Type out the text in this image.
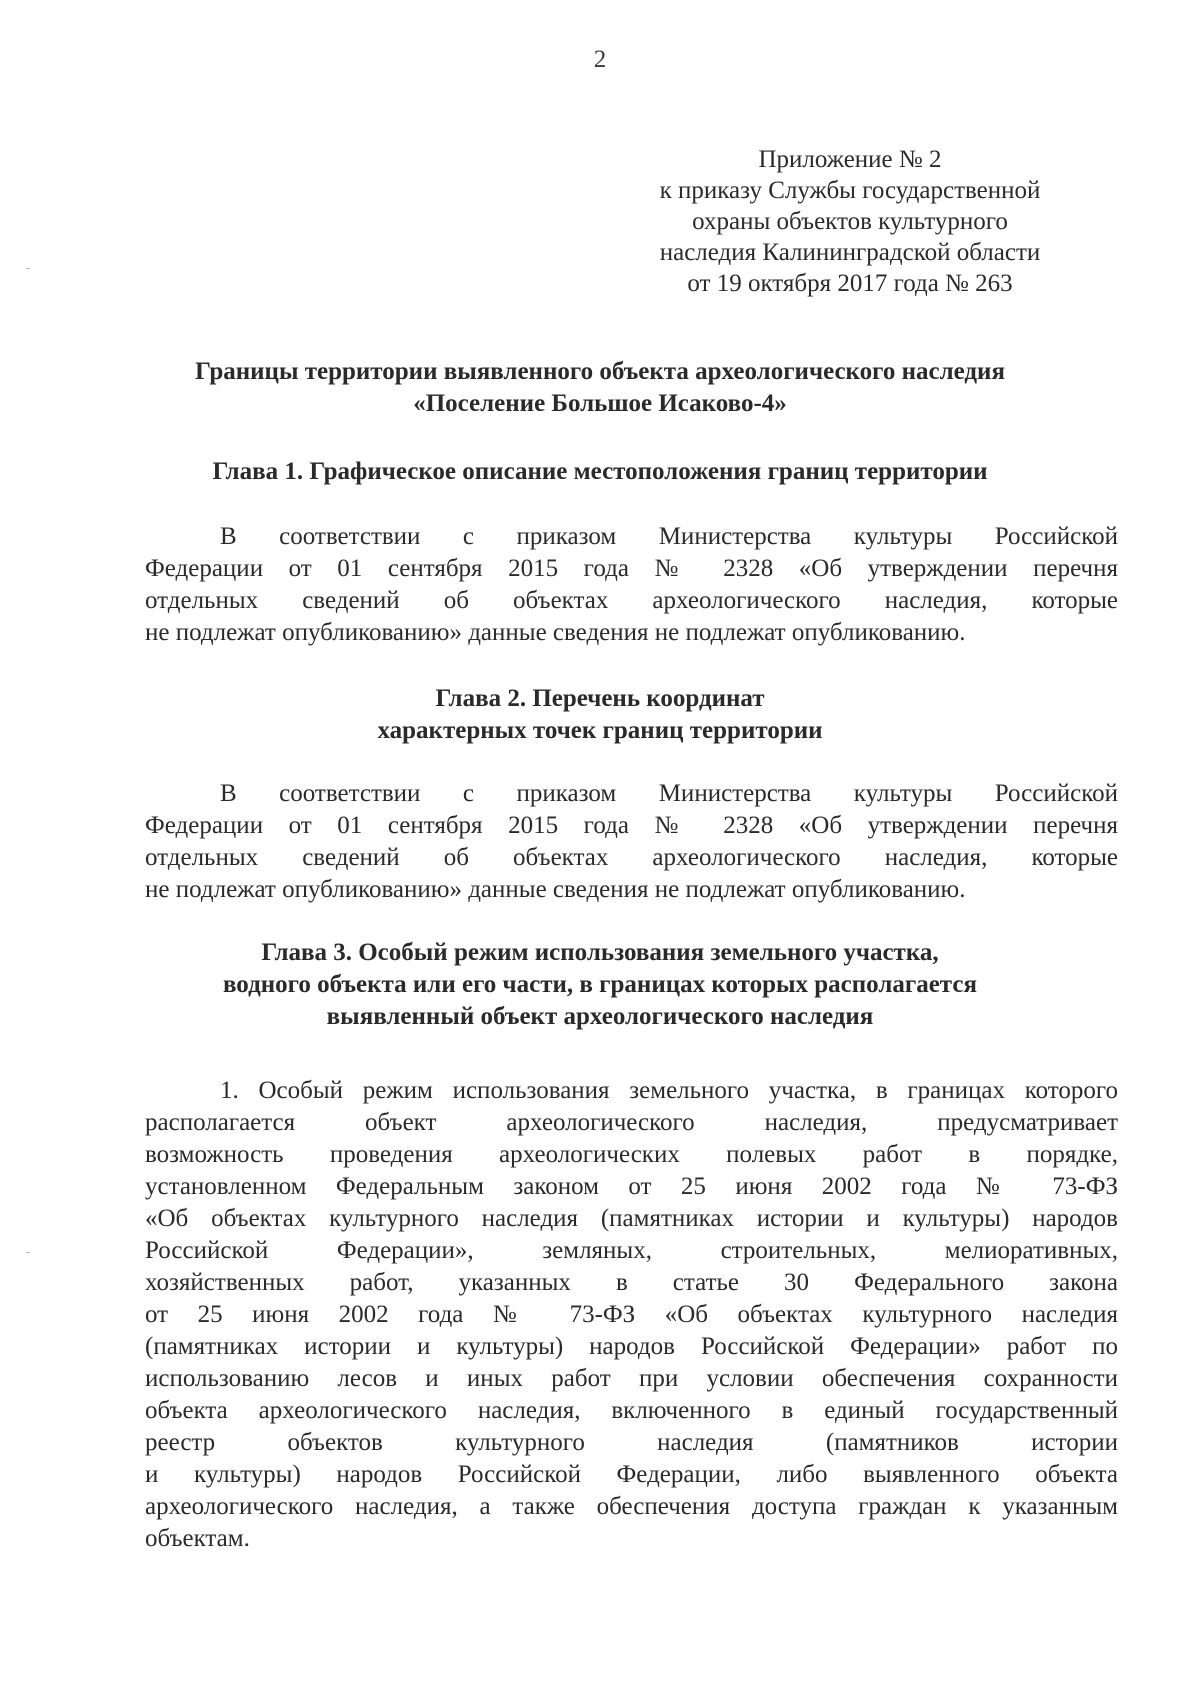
2
Приложение № 2
к приказу Службы государственной
охраны объектов культурного
наследия Калининградской области
от 19 октября 2017 года № 263
Границы территории выявленного объекта археологического наследия
«Поселение Большое Исаково-4»
Глава 1. Графическое описание местоположения границ территории
В соответствии с приказом Министерства культуры Российской
Федерации от 01 сентября 2015 года № 2328 «Об утверждении перечня
отдельных сведений об объектах археологического наследия, которые
не подлежат опубликованию» данные сведения не подлежат опубликованию.
Глава 2. Перечень координат
характерных точек границ территории
В соответствии с приказом Министерства культуры Российской
Федерации от 01 сентября 2015 года № 2328 «Об утверждении перечня
отдельных сведений об объектах археологического наследия, которые
не подлежат опубликованию» данные сведения не подлежат опубликованию.
Глава 3. Особый режим использования земельного участка,
водного объекта или его части, в границах которых располагается
выявленный объект археологического наследия
1. Особый режим использования земельного участка, в границах которого
располагается объект археологического наследия, предусматривает
возможность проведения археологических полевых работ в порядке,
установленном Федеральным законом от 25 июня 2002 года № 73-ФЗ
«Об объектах культурного наследия (памятниках истории и культуры) народов
Российской Федерации», земляных, строительных, мелиоративных,
хозяйственных работ, указанных в статье 30 Федерального закона
от 25 июня 2002 года № 73-ФЗ «Об объектах культурного наследия
(памятниках истории и культуры) народов Российской Федерации» работ по
использованию лесов и иных работ при условии обеспечения сохранности
объекта археологического наследия, включенного в единый государственный
реестр объектов культурного наследия (памятников истории
и культуры) народов Российской Федерации, либо выявленного объекта
археологического наследия, а также обеспечения доступа граждан к указанным
объектам.
